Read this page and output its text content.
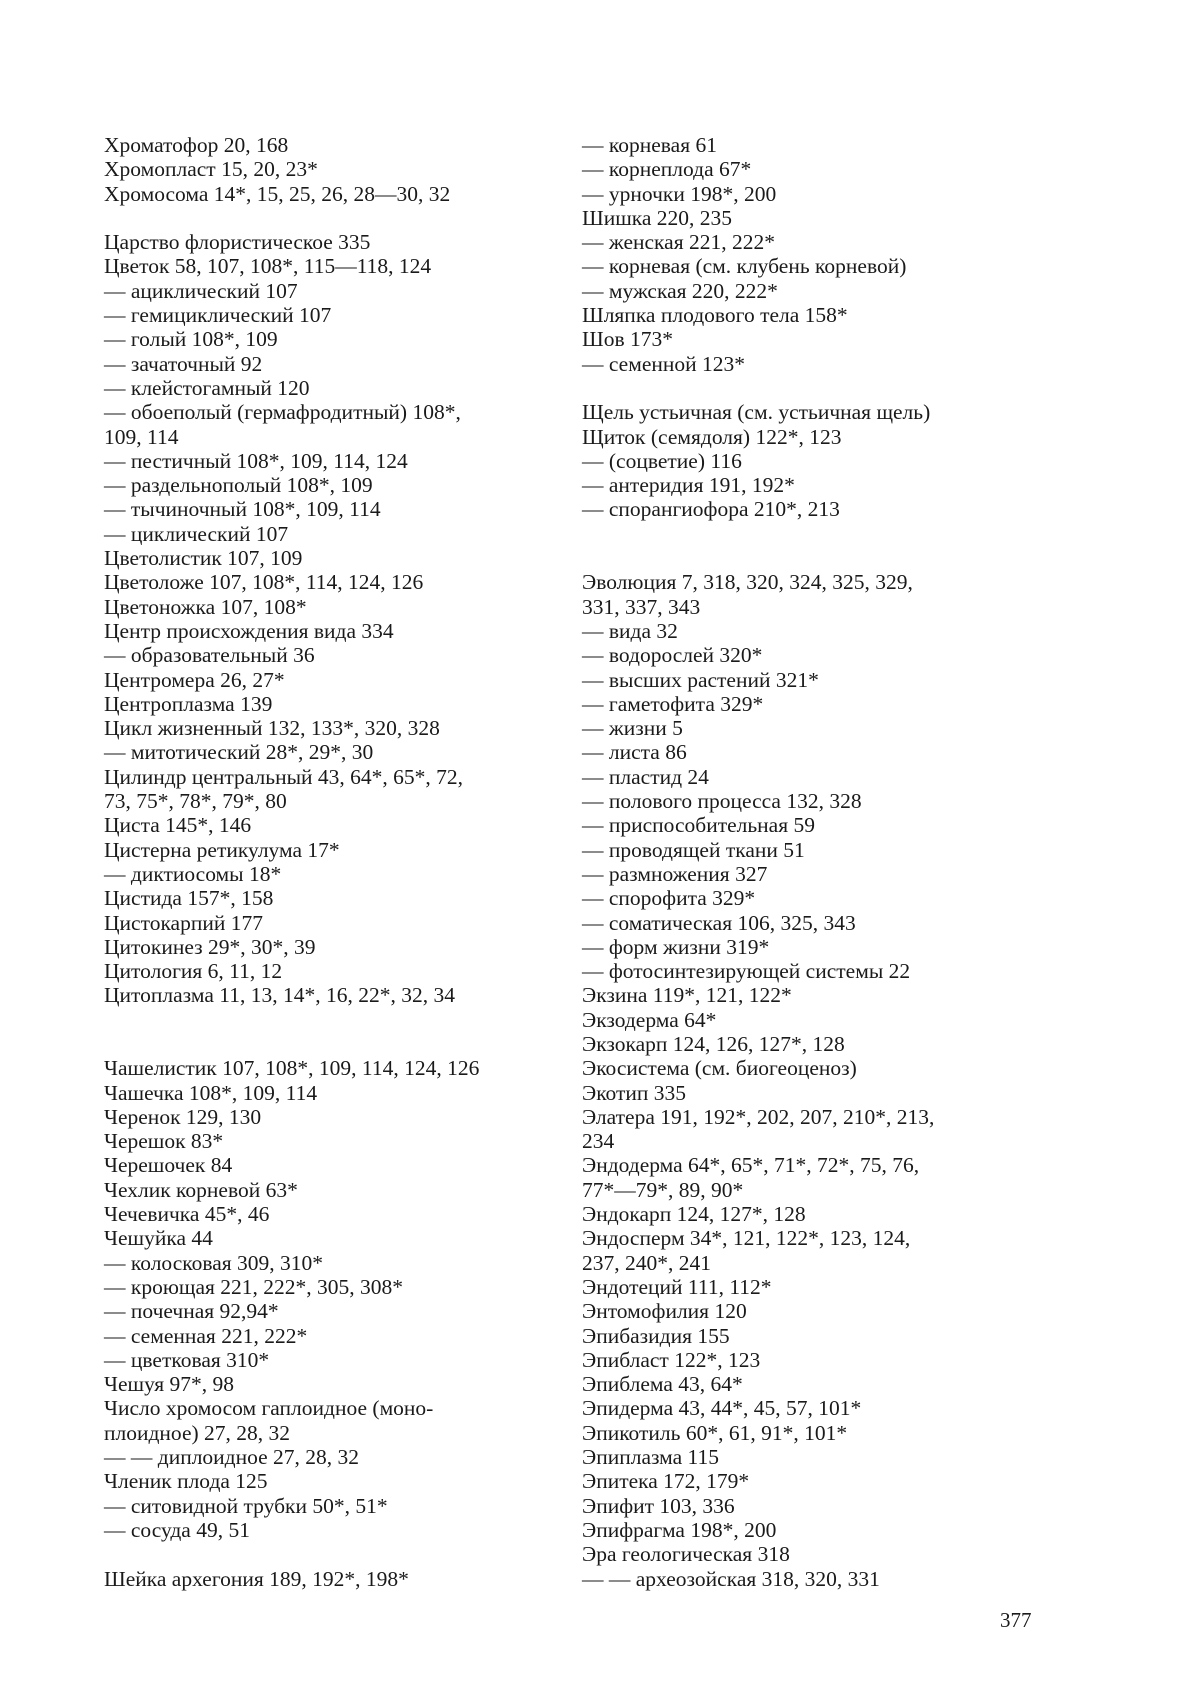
Хроматофор 20, 168
Хромопласт 15, 20, 23*
Хромосома 14*, 15, 25, 26, 28—30, 32
Царство флористическое 335
Цветок 58, 107, 108*, 115—118, 124
— ациклический 107
— гемициклический 107
— голый 108*, 109
— зачаточный 92
— клейстогамный 120
— обоеполый (гермафродитный) 108*,
109, 114
— пестичный 108*, 109, 114, 124
— раздельнополый 108*, 109
— тычиночный 108*, 109, 114
— циклический 107
Цветолистик 107, 109
Цветоложе 107, 108*, 114, 124, 126
Цветоножка 107, 108*
Центр происхождения вида 334
— образовательный 36
Центромера 26, 27*
Центроплазма 139
Цикл жизненный 132, 133*, 320, 328
— митотический 28*, 29*, 30
Цилиндр центральный 43, 64*, 65*, 72,
73, 75*, 78*, 79*, 80
Циста 145*, 146
Цистерна ретикулума 17*
— диктиосомы 18*
Цистида 157*, 158
Цистокарпий 177
Цитокинез 29*, 30*, 39
Цитология 6, 11, 12
Цитоплазма 11, 13, 14*, 16, 22*, 32, 34
Чашелистик 107, 108*, 109, 114, 124, 126
Чашечка 108*, 109, 114
Черенок 129, 130
Черешок 83*
Черешочек 84
Чехлик корневой 63*
Чечевичка 45*, 46
Чешуйка 44
— колосковая 309, 310*
— кроющая 221, 222*, 305, 308*
— почечная 92,94*
— семенная 221, 222*
— цветковая 310*
Чешуя 97*, 98
Число хромосом гаплоидное (моно-
плоидное) 27, 28, 32
— — диплоидное 27, 28, 32
Членик плода 125
— ситовидной трубки 50*, 51*
— сосуда 49, 51
Шейка архегония 189, 192*, 198*
— корневая 61
— корнеплода 67*
— урночки 198*, 200
Шишка 220, 235
— женская 221, 222*
— корневая (см. клубень корневой)
— мужская 220, 222*
Шляпка плодового тела 158*
Шов 173*
— семенной 123*
Щель устьичная (см. устьичная щель)
Щиток (семядоля) 122*, 123
— (соцветие) 116
— антеридия 191, 192*
— спорангиофора 210*, 213
Эволюция 7, 318, 320, 324, 325, 329,
331, 337, 343
— вида 32
— водорослей 320*
— высших растений 321*
— гаметофита 329*
— жизни 5
— листа 86
— пластид 24
— полового процесса 132, 328
— приспособительная 59
— проводящей ткани 51
— размножения 327
— спорофита 329*
— соматическая 106, 325, 343
— форм жизни 319*
— фотосинтезирующей системы 22
Экзина 119*, 121, 122*
Экзодерма 64*
Экзокарп 124, 126, 127*, 128
Экосистема (см. биогеоценоз)
Экотип 335
Элатера 191, 192*, 202, 207, 210*, 213,
234
Эндодерма 64*, 65*, 71*, 72*, 75, 76,
77*—79*, 89, 90*
Эндокарп 124, 127*, 128
Эндосперм 34*, 121, 122*, 123, 124,
237, 240*, 241
Эндотеций 111, 112*
Энтомофилия 120
Эпибазидия 155
Эпибласт 122*, 123
Эпиблема 43, 64*
Эпидерма 43, 44*, 45, 57, 101*
Эпикотиль 60*, 61, 91*, 101*
Эпиплазма 115
Эпитека 172, 179*
Эпифит 103, 336
Эпифрагма 198*, 200
Эра геологическая 318
— — археозойская 318, 320, 331
377
